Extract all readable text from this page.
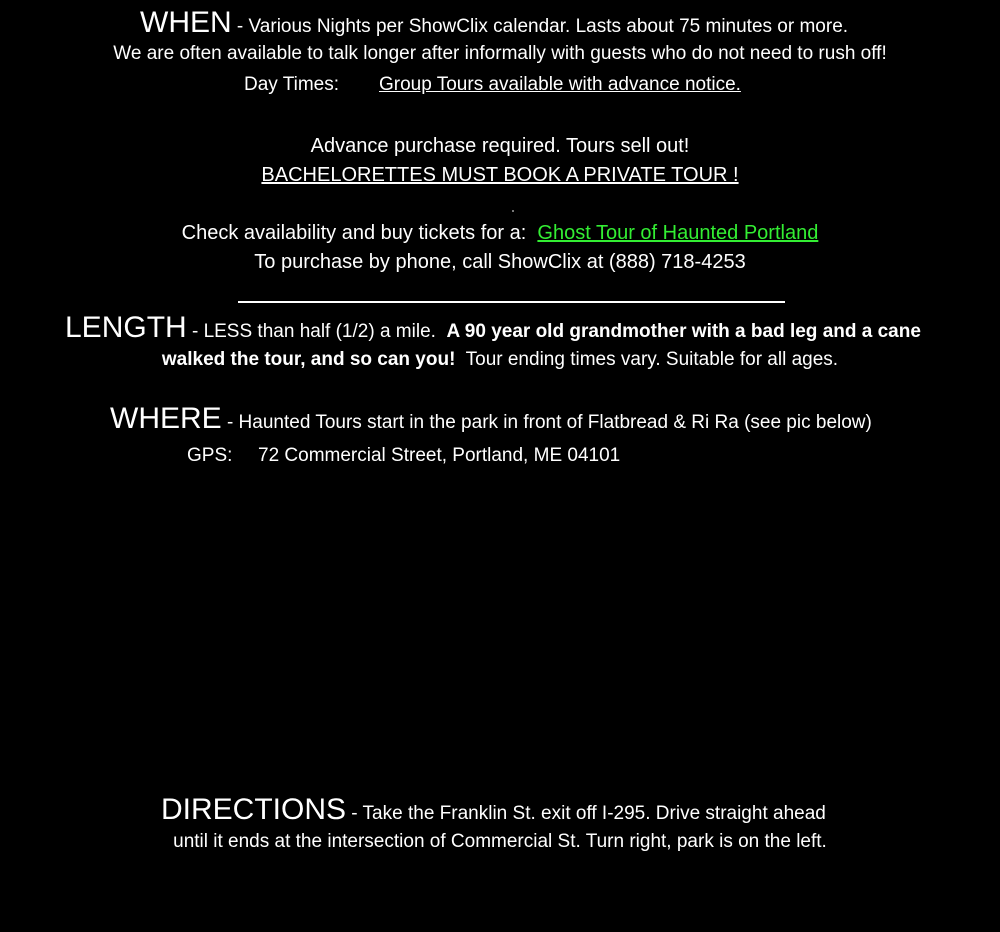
WHEN - Various Nights per ShowClix calendar. Lasts about 75 minutes or more.
We are often available to talk longer after informally with guests who do not need to rush off!
Day Times: Group Tours available with advance notice.
Advance purchase required. Tours sell out!
BACHELORETTES MUST BOOK A PRIVATE TOUR !
Check availability and buy tickets for a: Ghost Tour of Haunted Portland
To purchase by phone, call ShowClix at (888) 718-4253
LENGTH - LESS than half (1/2) a mile. A 90 year old grandmother with a bad leg and a cane
walked the tour, and so can you! Tour ending times vary. Suitable for all ages.
WHERE - Haunted Tours start in the park in front of Flatbread & Ri Ra (see pic below)
GPS: 72 Commercial Street, Portland, ME 04101
DIRECTIONS - Take the Franklin St. exit off I-295. Drive straight ahead
until it ends at the intersection of Commercial St. Turn right, park is on the left.
